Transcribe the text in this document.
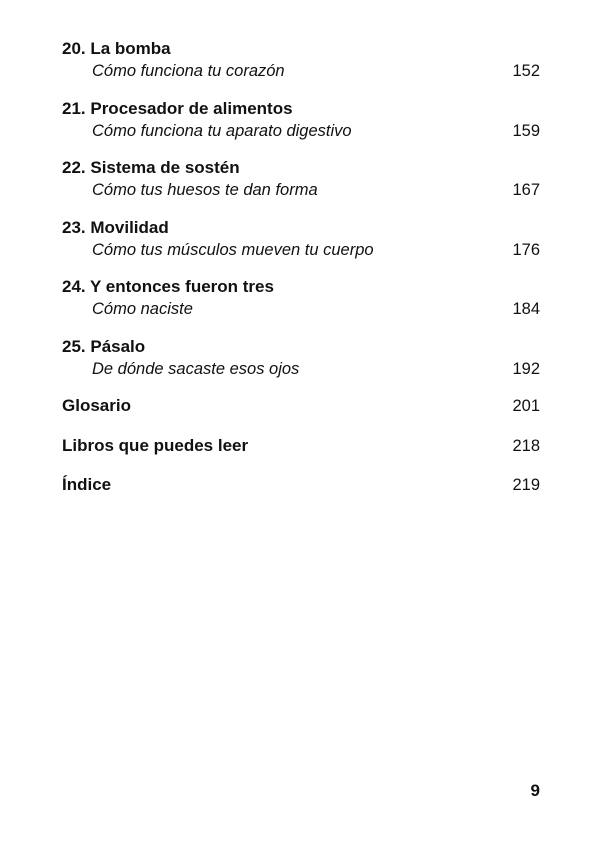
20. La bomba
Cómo funciona tu corazón	152
21. Procesador de alimentos
Cómo funciona tu aparato digestivo	159
22. Sistema de sostén
Cómo tus huesos te dan forma	167
23. Movilidad
Cómo tus músculos mueven tu cuerpo	176
24. Y entonces fueron tres
Cómo naciste	184
25. Pásalo
De dónde sacaste esos ojos	192
Glosario	201
Libros que puedes leer	218
Índice	219
9
